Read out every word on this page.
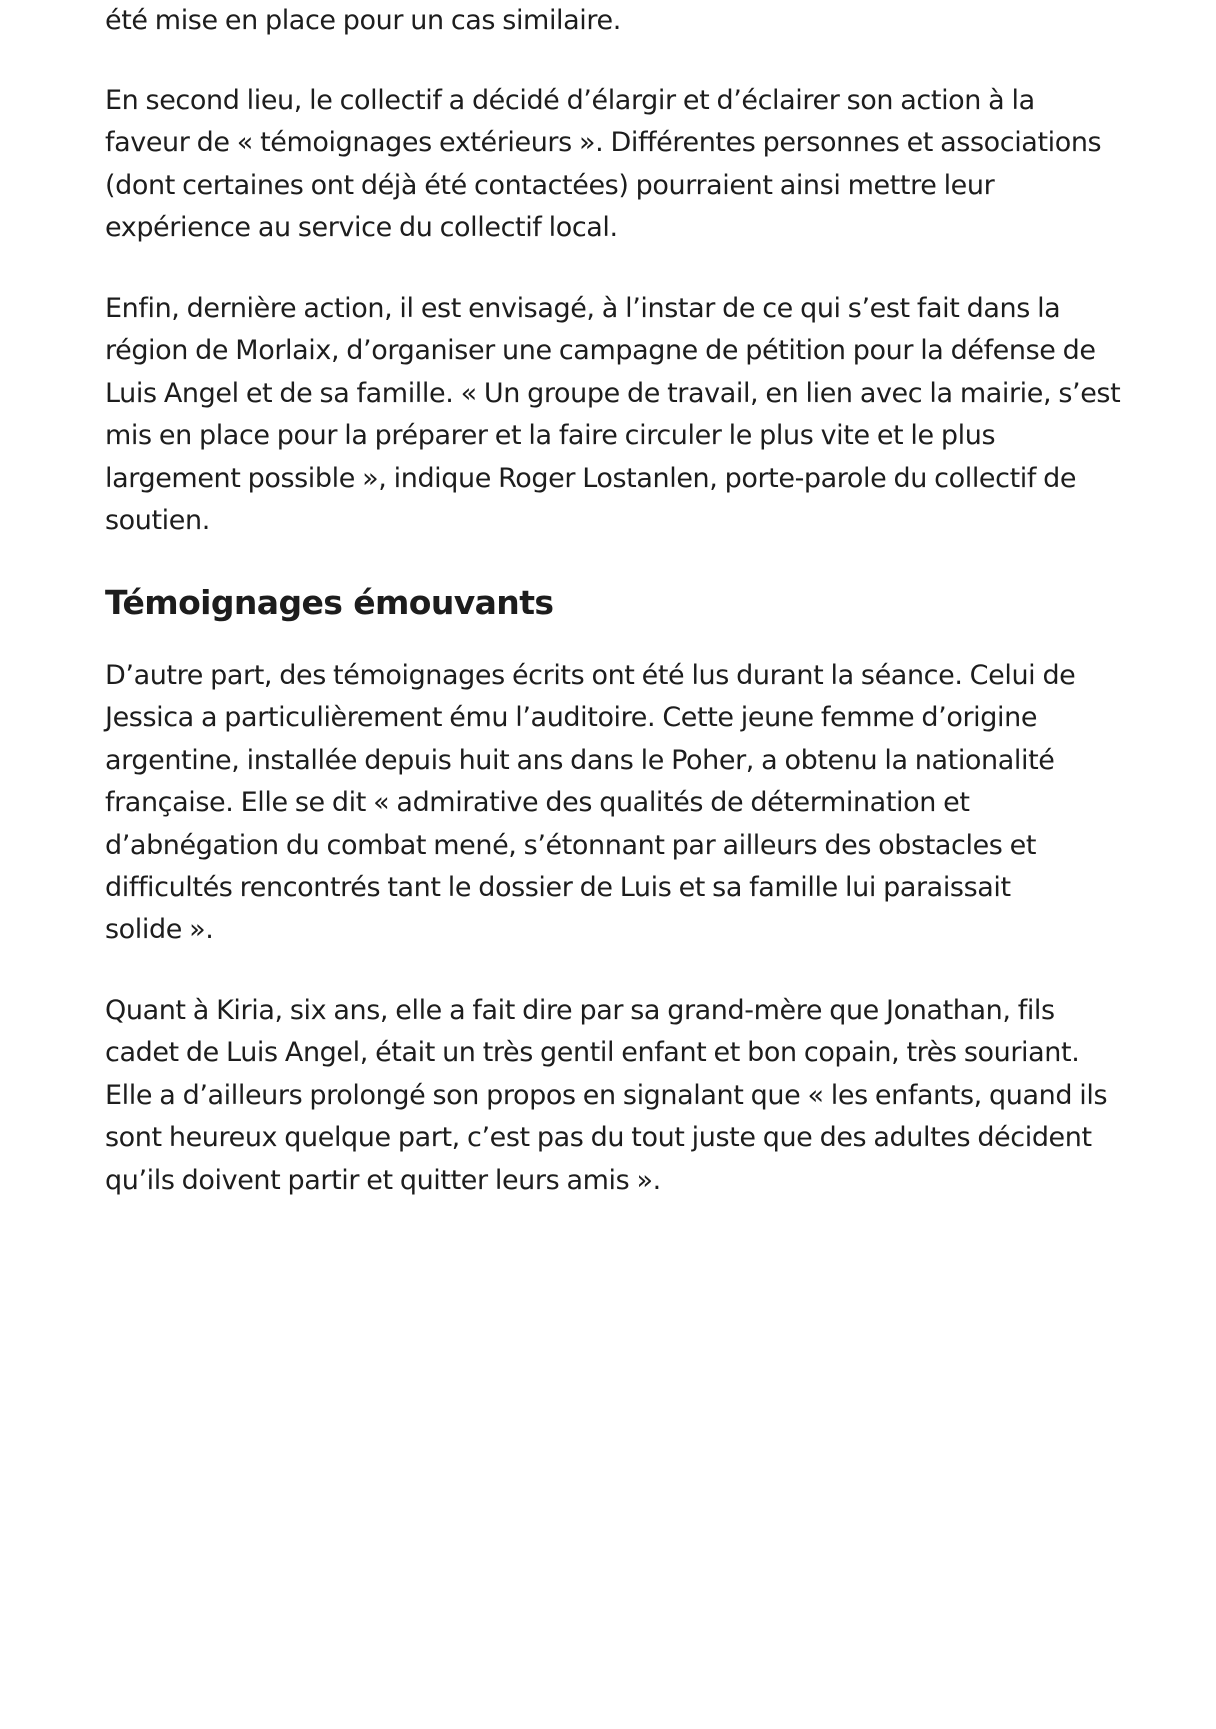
été mise en place pour un cas similaire.

En second lieu, le collectif a décidé d’élargir et d’éclairer son action à la
faveur de « témoignages extérieurs ». Différentes personnes et associations
(dont certaines ont déjà été contactées) pourraient ainsi mettre leur
expérience au service du collectif local.

Enfin, dernière action, il est envisagé, à l’instar de ce qui s’est fait dans la
région de Morlaix, d’organiser une campagne de pétition pour la défense de
Luis Angel et de sa famille. « Un groupe de travail, en lien avec la mairie, s’est
mis en place pour la préparer et la faire circuler le plus vite et le plus
largement possible », indique Roger Lostanlen, porte-parole du collectif de
soutien.

Témoignages émouvants

D’autre part, des témoignages écrits ont été lus durant la séance. Celui de
Jessica a particulièrement ému l’auditoire. Cette jeune femme d’origine
argentine, installée depuis huit ans dans le Poher, a obtenu la nationalité
française. Elle se dit « admirative des qualités de détermination et
d’abnégation du combat mené, s’étonnant par ailleurs des obstacles et
difficultés rencontrés tant le dossier de Luis et sa famille lui paraissait
solide ».

Quant à Kiria, six ans, elle a fait dire par sa grand-mère que Jonathan, fils
cadet de Luis Angel, était un très gentil enfant et bon copain, très souriant.
Elle a d’ailleurs prolongé son propos en signalant que « les enfants, quand ils
sont heureux quelque part, c’est pas du tout juste que des adultes décident
qu’ils doivent partir et quitter leurs amis ».
